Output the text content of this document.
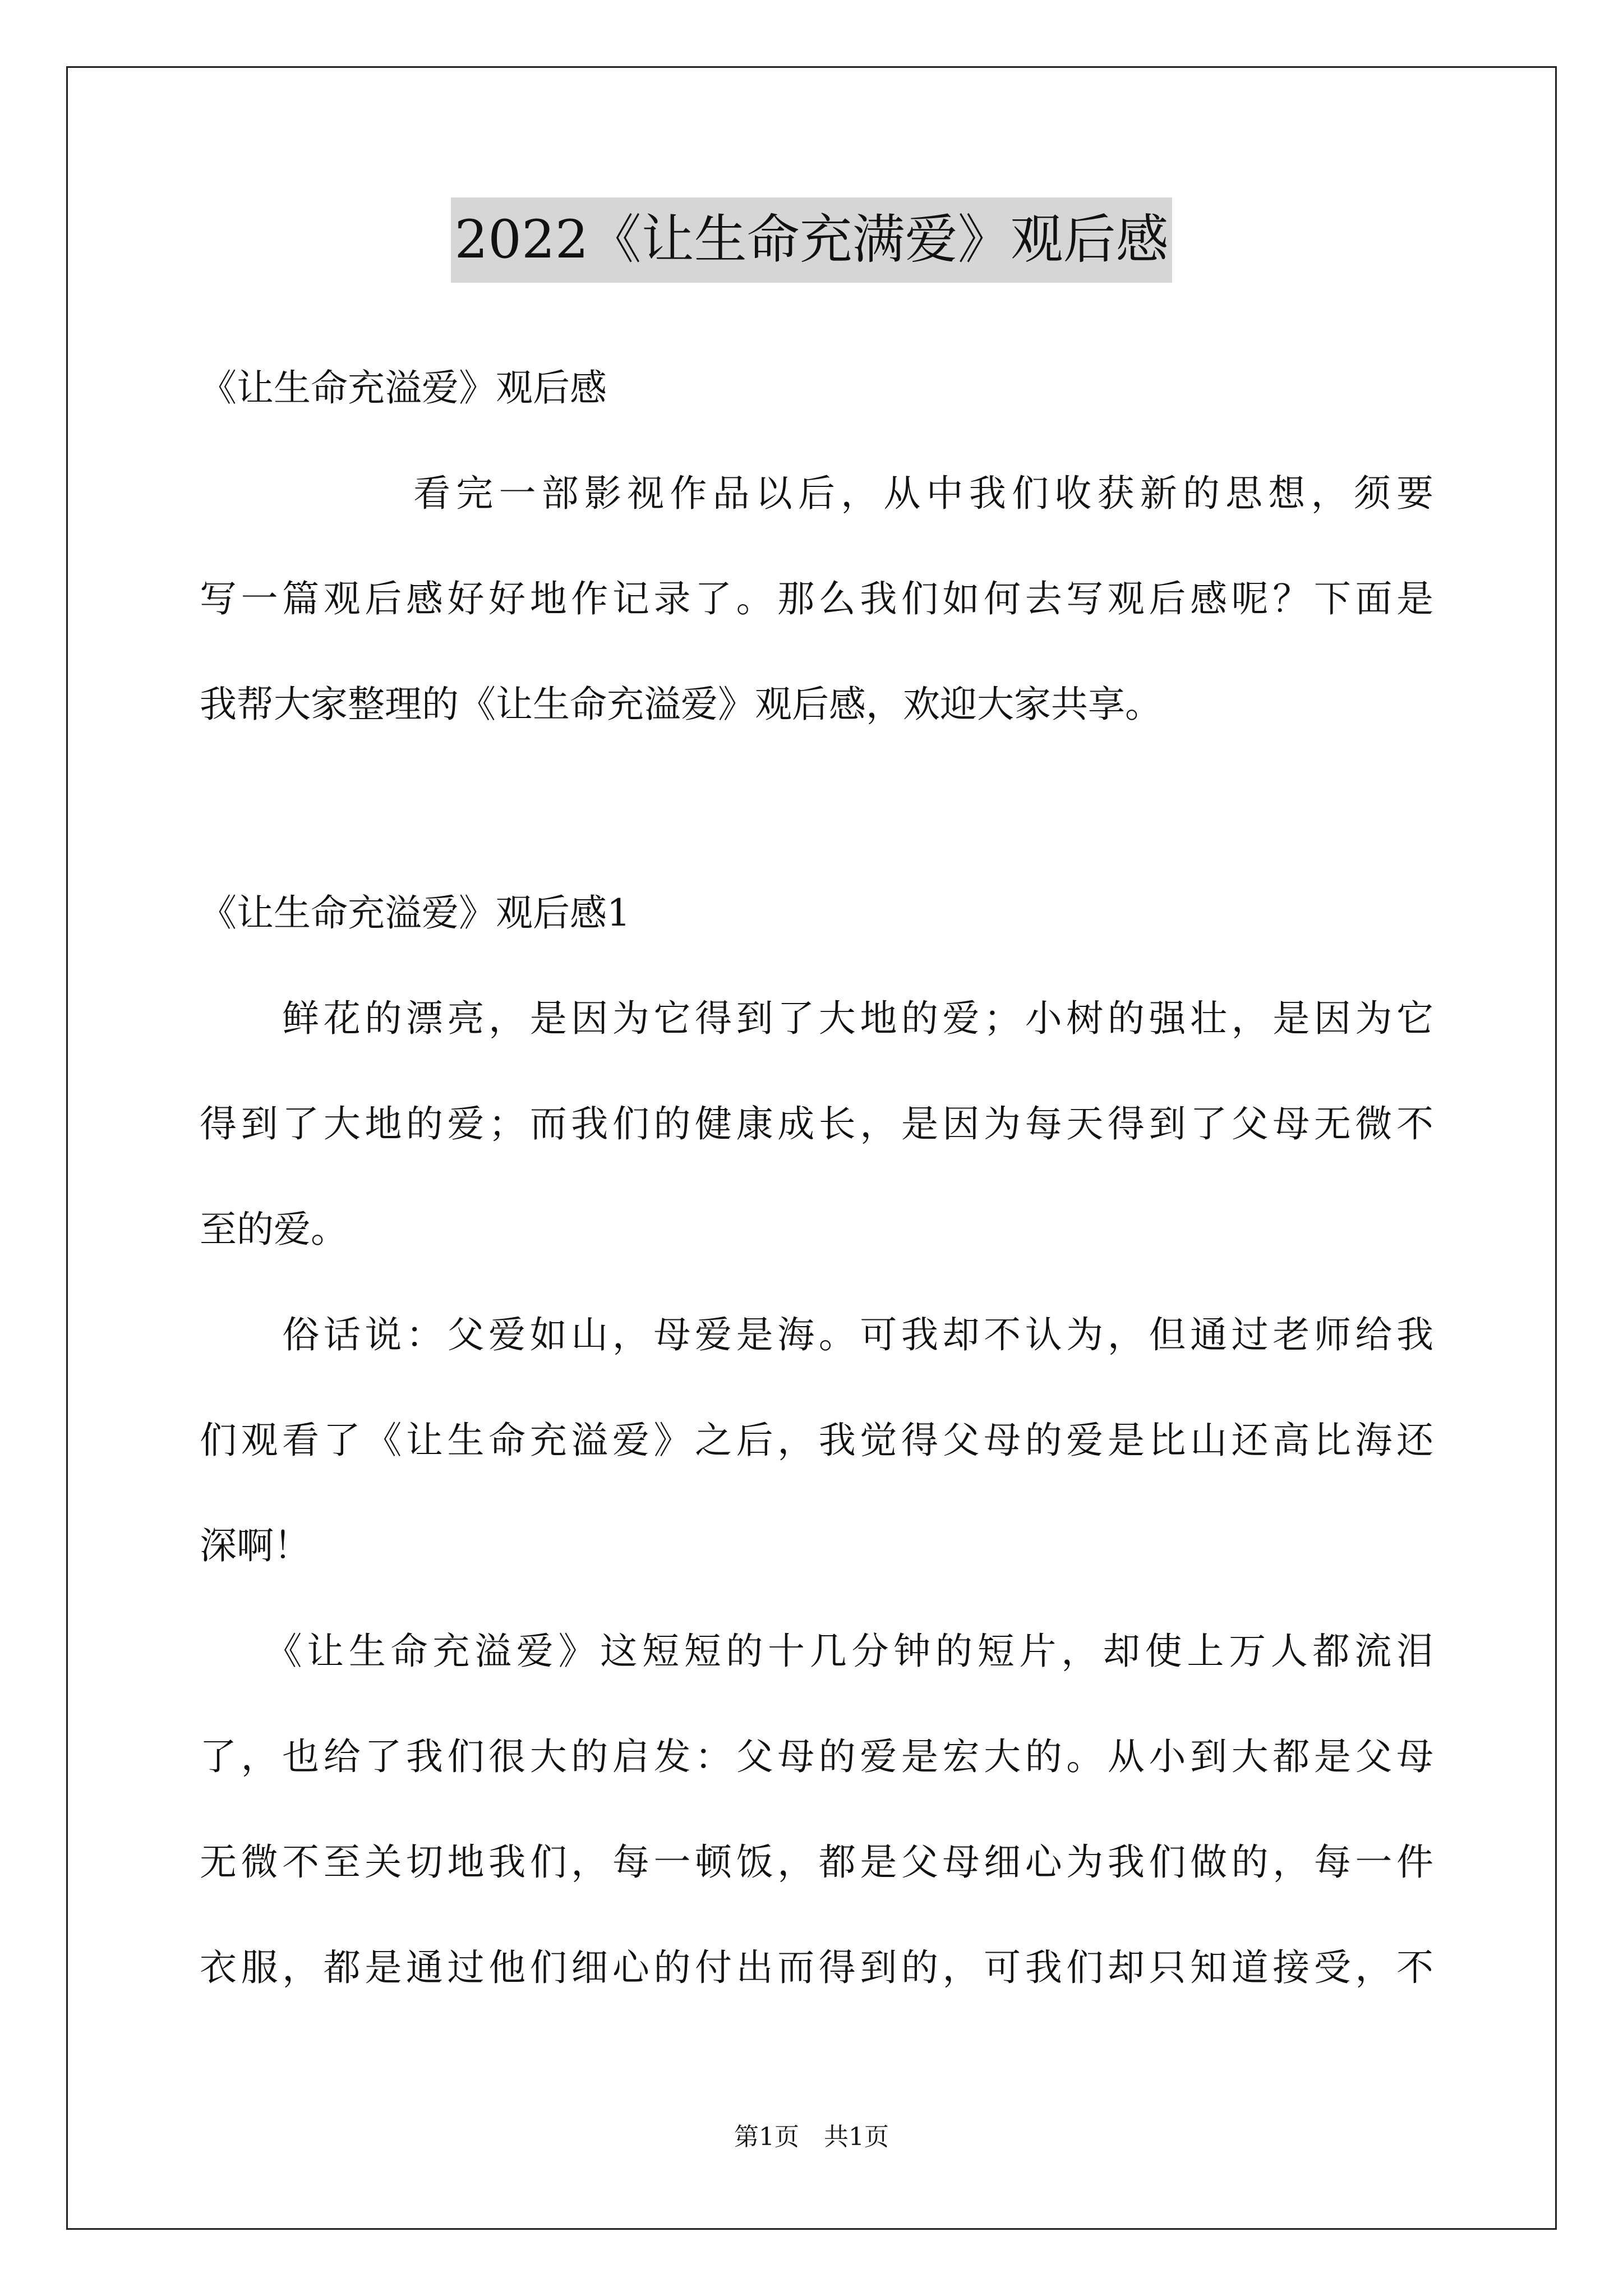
2022《让生命充满爱》观后感
《让生命充溢爱》观后感
　　　　　看完一部影视作品以后，从中我们收获新的思想，须要
写一篇观后感好好地作记录了。那么我们如何去写观后感呢？下面是
我帮大家整理的《让生命充溢爱》观后感，欢迎大家共享。
《让生命充溢爱》观后感1
　　鲜花的漂亮，是因为它得到了大地的爱；小树的强壮，是因为它
得到了大地的爱；而我们的健康成长，是因为每天得到了父母无微不
至的爱。
　　俗话说：父爱如山，母爱是海。可我却不认为，但通过老师给我
们观看了《让生命充溢爱》之后，我觉得父母的爱是比山还高比海还
深啊！
　　《让生命充溢爱》这短短的十几分钟的短片，却使上万人都流泪
了，也给了我们很大的启发：父母的爱是宏大的。从小到大都是父母
无微不至关切地我们，每一顿饭，都是父母细心为我们做的，每一件
衣服，都是通过他们细心的付出而得到的，可我们却只知道接受，不
第1页　共1页
